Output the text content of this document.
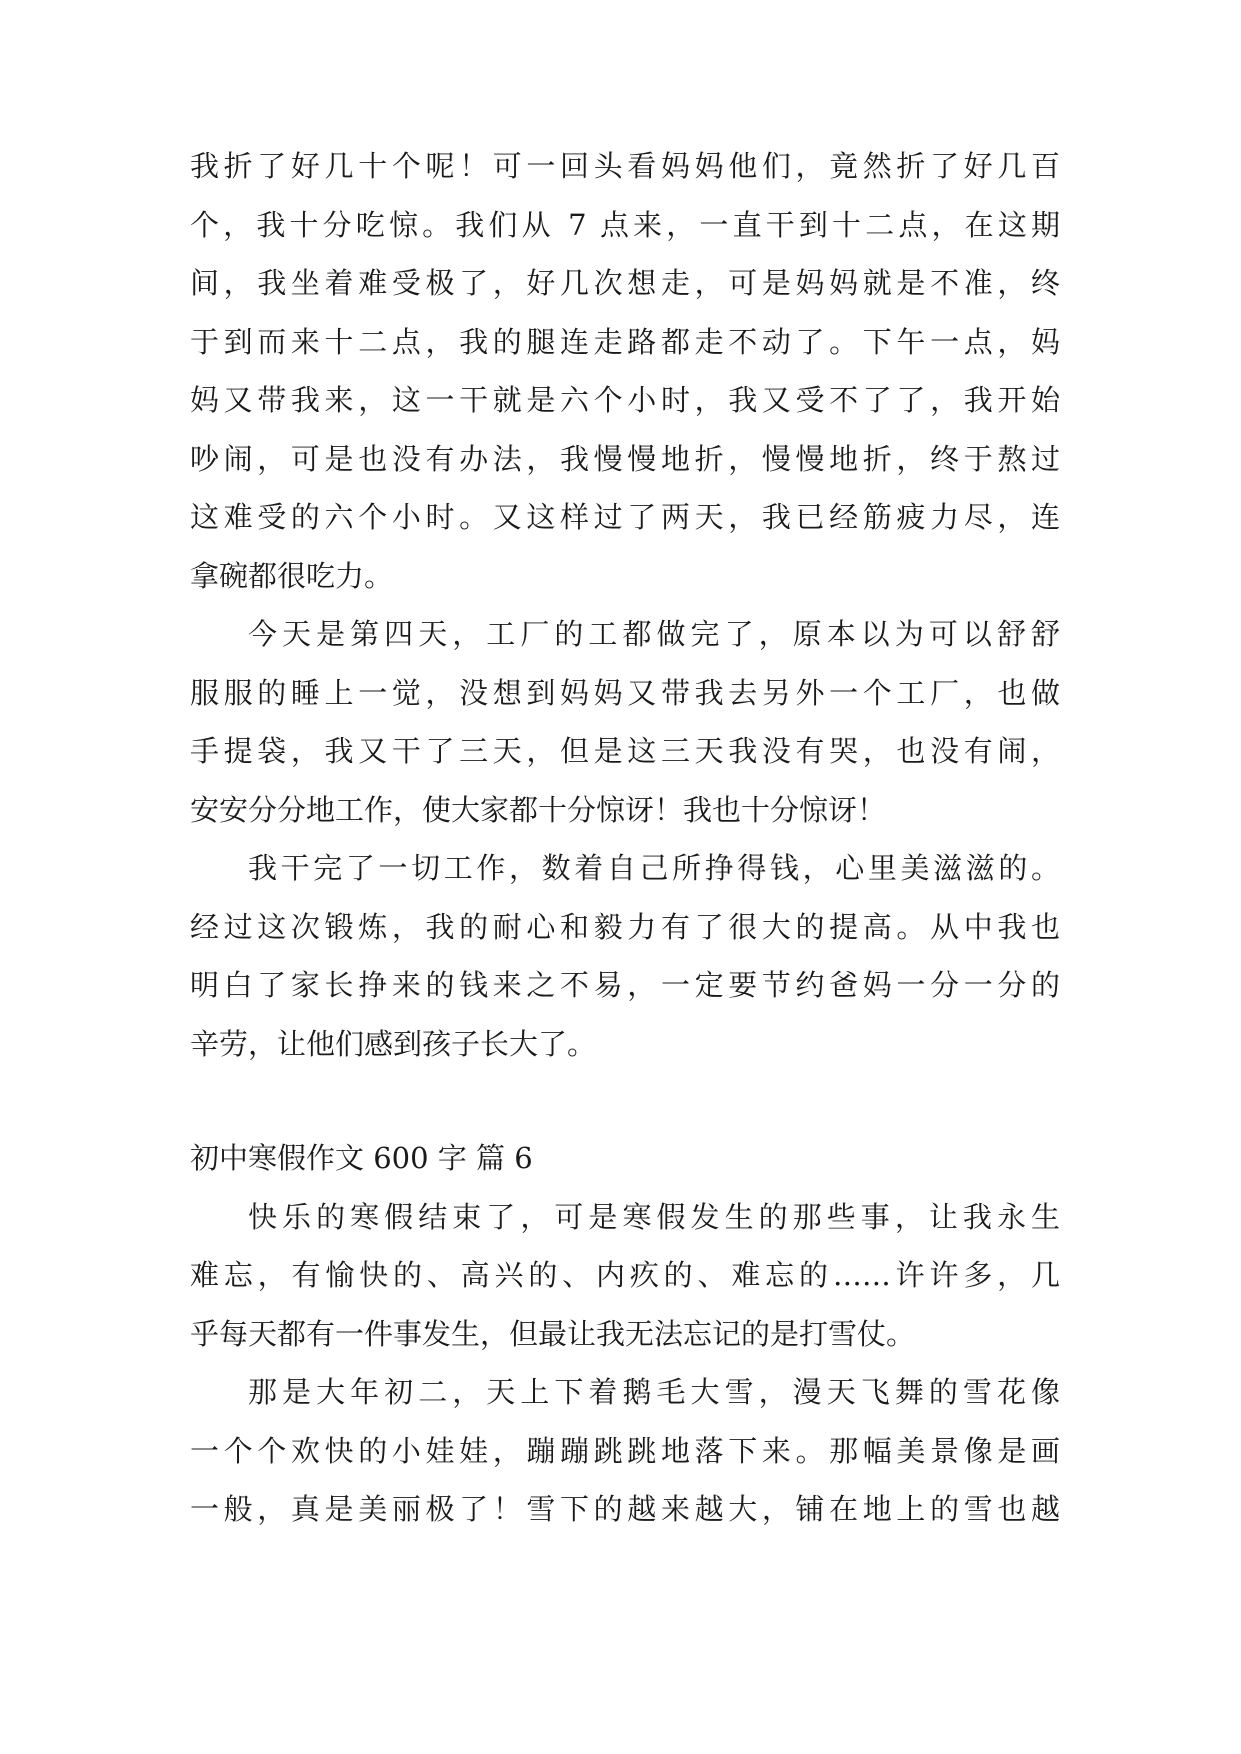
我折了好几十个呢！可一回头看妈妈他们，竟然折了好几百
个，我十分吃惊。我们从 7 点来，一直干到十二点，在这期
间，我坐着难受极了，好几次想走，可是妈妈就是不准，终
于到而来十二点，我的腿连走路都走不动了。下午一点，妈
妈又带我来，这一干就是六个小时，我又受不了了，我开始
吵闹，可是也没有办法，我慢慢地折，慢慢地折，终于熬过
这难受的六个小时。又这样过了两天，我已经筋疲力尽，连
拿碗都很吃力。
今天是第四天，工厂的工都做完了，原本以为可以舒舒
服服的睡上一觉，没想到妈妈又带我去另外一个工厂，也做
手提袋，我又干了三天，但是这三天我没有哭，也没有闹，
安安分分地工作，使大家都十分惊讶！我也十分惊讶！
我干完了一切工作，数着自己所挣得钱，心里美滋滋的。
经过这次锻炼，我的耐心和毅力有了很大的提高。从中我也
明白了家长挣来的钱来之不易，一定要节约爸妈一分一分的
辛劳，让他们感到孩子长大了。
初中寒假作文 600 字 篇 6
快乐的寒假结束了，可是寒假发生的那些事，让我永生
难忘，有愉快的、高兴的、内疚的、难忘的……许许多，几
乎每天都有一件事发生，但最让我无法忘记的是打雪仗。
那是大年初二，天上下着鹅毛大雪，漫天飞舞的雪花像
一个个欢快的小娃娃，蹦蹦跳跳地落下来。那幅美景像是画
一般，真是美丽极了！雪下的越来越大，铺在地上的雪也越
